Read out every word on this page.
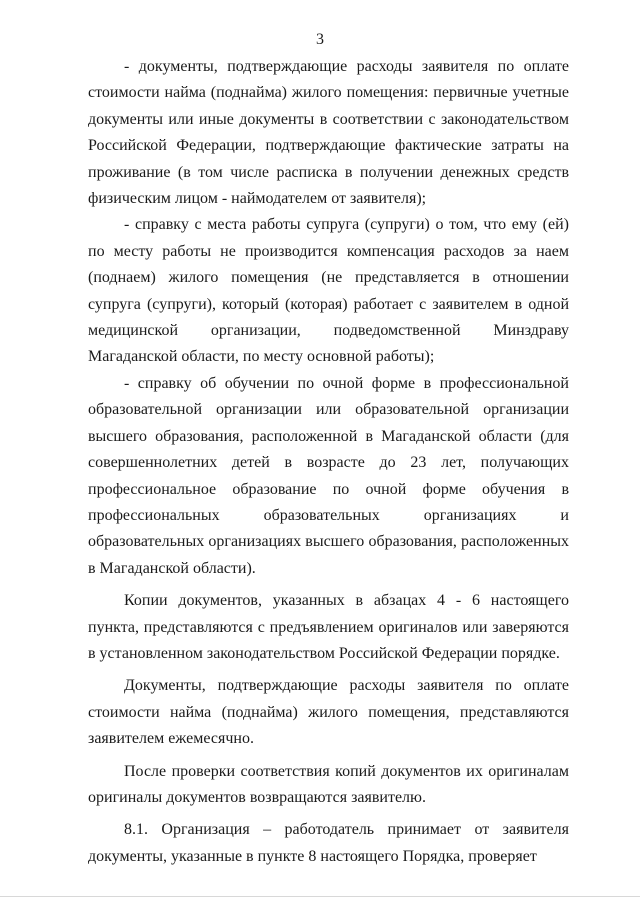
3

- документы, подтверждающие расходы заявителя по оплате стоимости найма (поднайма) жилого помещения: первичные учетные документы или иные документы в соответствии с законодательством Российской Федерации, подтверждающие фактические затраты на проживание (в том числе расписка в получении денежных средств физическим лицом - наймодателем от заявителя);

- справку с места работы супруга (супруги) о том, что ему (ей) по месту работы не производится компенсация расходов за наем (поднаем) жилого помещения (не представляется в отношении супруга (супруги), который (которая) работает с заявителем в одной медицинской организации, подведомственной Минздраву Магаданской области, по месту основной работы);

- справку об обучении по очной форме в профессиональной образовательной организации или образовательной организации высшего образования, расположенной в Магаданской области (для совершеннолетних детей в возрасте до 23 лет, получающих профессиональное образование по очной форме обучения в профессиональных образовательных организациях и образовательных организациях высшего образования, расположенных в Магаданской области).

Копии документов, указанных в абзацах 4 - 6 настоящего пункта, представляются с предъявлением оригиналов или заверяются в установленном законодательством Российской Федерации порядке.

Документы, подтверждающие расходы заявителя по оплате стоимости найма (поднайма) жилого помещения, представляются заявителем ежемесячно.

После проверки соответствия копий документов их оригиналам оригиналы документов возвращаются заявителю.

8.1. Организация – работодатель принимает от заявителя документы, указанные в пункте 8 настоящего Порядка, проверяет
